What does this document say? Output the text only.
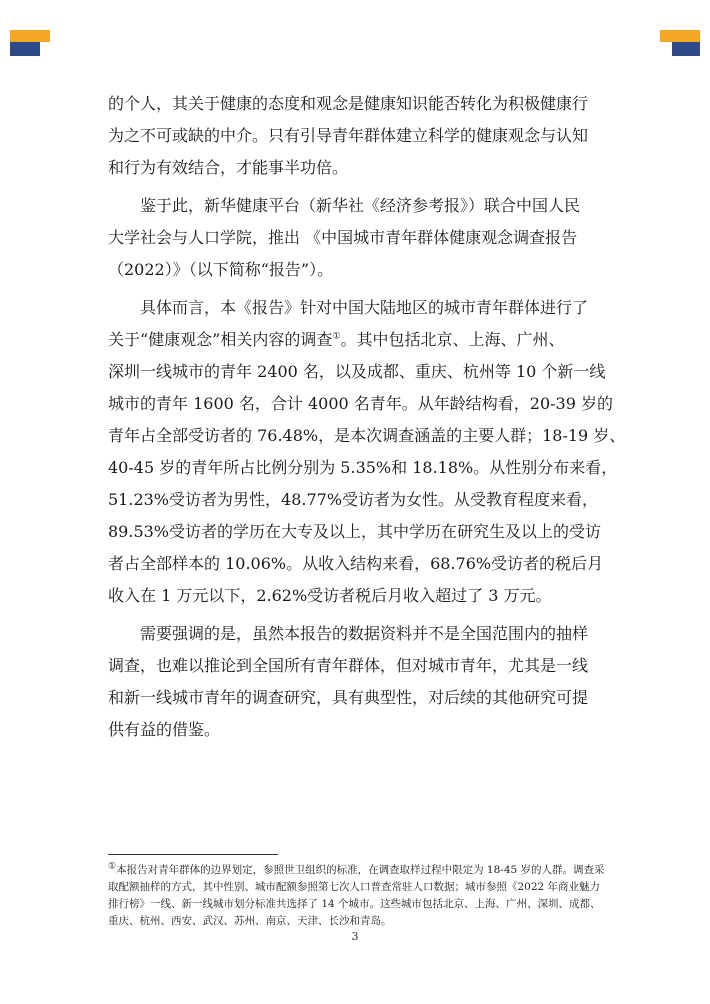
的个人，其关于健康的态度和观念是健康知识能否转化为积极健康行
为之不可或缺的中介。只有引导青年群体建立科学的健康观念与认知
和行为有效结合，才能事半功倍。

鉴于此，新华健康平台（新华社《经济参考报》）联合中国人民
大学社会与人口学院，推出 《中国城市青年群体健康观念调查报告
（2022）》（以下简称“报告”）。

具体而言，本《报告》针对中国大陆地区的城市青年群体进行了
关于“健康观念”相关内容的调查①。其中包括北京、上海、广州、
深圳一线城市的青年 2400 名，以及成都、重庆、杭州等 10 个新一线
城市的青年 1600 名，合计 4000 名青年。从年龄结构看，20-39 岁的
青年占全部受访者的 76.48%，是本次调查涵盖的主要人群；18-19 岁、
40-45 岁的青年所占比例分别为 5.35%和 18.18%。从性别分布来看，
51.23%受访者为男性，48.77%受访者为女性。从受教育程度来看，
89.53%受访者的学历在大专及以上，其中学历在研究生及以上的受访
者占全部样本的 10.06%。从收入结构来看，68.76%受访者的税后月
收入在 1 万元以下，2.62%受访者税后月收入超过了 3 万元。

需要强调的是，虽然本报告的数据资料并不是全国范围内的抽样
调查，也难以推论到全国所有青年群体，但对城市青年，尤其是一线
和新一线城市青年的调查研究，具有典型性，对后续的其他研究可提
供有益的借鉴。

①本报告对青年群体的边界划定，参照世卫组织的标准，在调查取样过程中限定为 18-45 岁的人群。调查采
取配额抽样的方式，其中性别、城市配额参照第七次人口普查常驻人口数据；城市参照《2022 年商业魅力
排行榜》一线、新一线城市划分标准共选择了 14 个城市。这些城市包括北京、上海、广州、深圳、成都、
重庆、杭州、西安、武汉、苏州、南京、天津、长沙和青岛。
3
